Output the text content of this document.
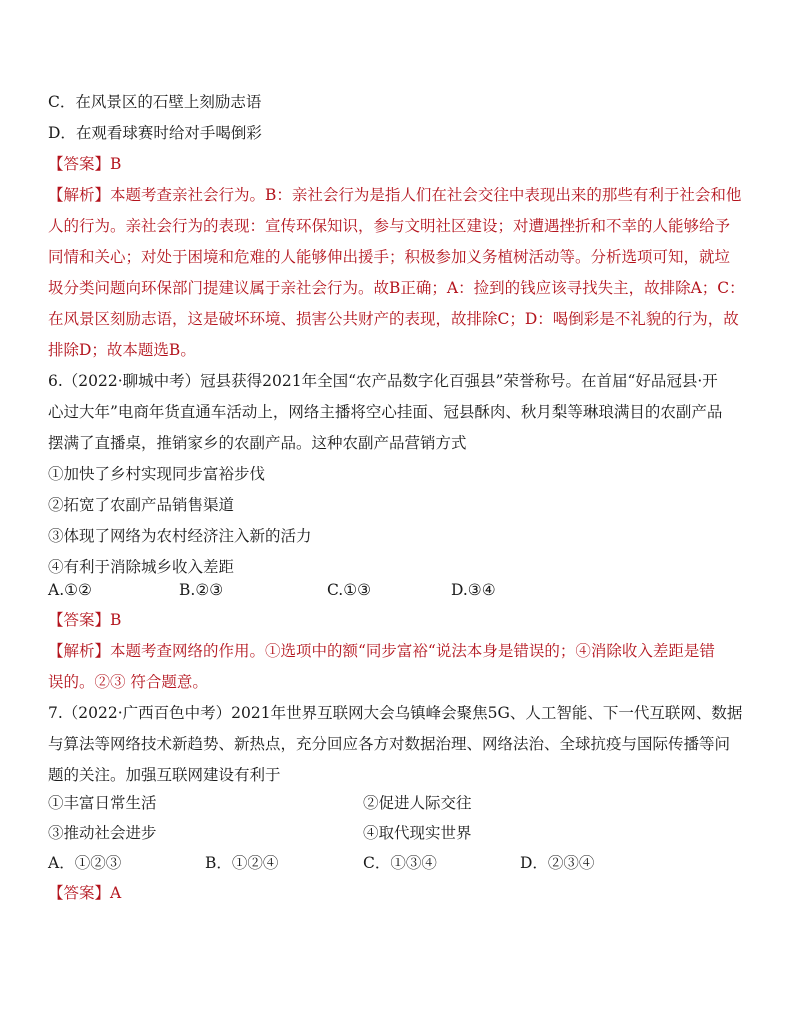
C．在风景区的石壁上刻励志语
D．在观看球赛时给对手喝倒彩
【答案】B
【解析】本题考查亲社会行为。B：亲社会行为是指人们在社会交往中表现出来的那些有利于社会和他
人的行为。亲社会行为的表现：宣传环保知识，参与文明社区建设；对遭遇挫折和不幸的人能够给予
同情和关心；对处于困境和危难的人能够伸出援手；积极参加义务植树活动等。分析选项可知，就垃
圾分类问题向环保部门提建议属于亲社会行为。故B正确；A：捡到的钱应该寻找失主，故排除A；C：
在风景区刻励志语，这是破坏环境、损害公共财产的表现，故排除C；D：喝倒彩是不礼貌的行为，故
排除D；故本题选B。
6.（2022·聊城中考）冠县获得2021年全国“农产品数字化百强县”荣誉称号。在首届“好品冠县·开
心过大年”电商年货直通车活动上，网络主播将空心挂面、冠县酥肉、秋月梨等琳琅满目的农副产品
摆满了直播桌，推销家乡的农副产品。这种农副产品营销方式
①加快了乡村实现同步富裕步伐
②拓宽了农副产品销售渠道
③体现了网络为农村经济注入新的活力
④有利于消除城乡收入差距
A.①②	B.②③	C.①③	D.③④
【答案】B
【解析】本题考查网络的作用。①选项中的额“同步富裕“说法本身是错误的；④消除收入差距是错
误的。②③ 符合题意。
7.（2022·广西百色中考）2021年世界互联网大会乌镇峰会聚焦5G、人工智能、下一代互联网、数据
与算法等网络技术新趋势、新热点，充分回应各方对数据治理、网络法治、全球抗疫与国际传播等问
题的关注。加强互联网建设有利于
①丰富日常生活	②促进人际交往
③推动社会进步	④取代现实世界
A．①②③	B．①②④	C．①③④	D．②③④
【答案】A
